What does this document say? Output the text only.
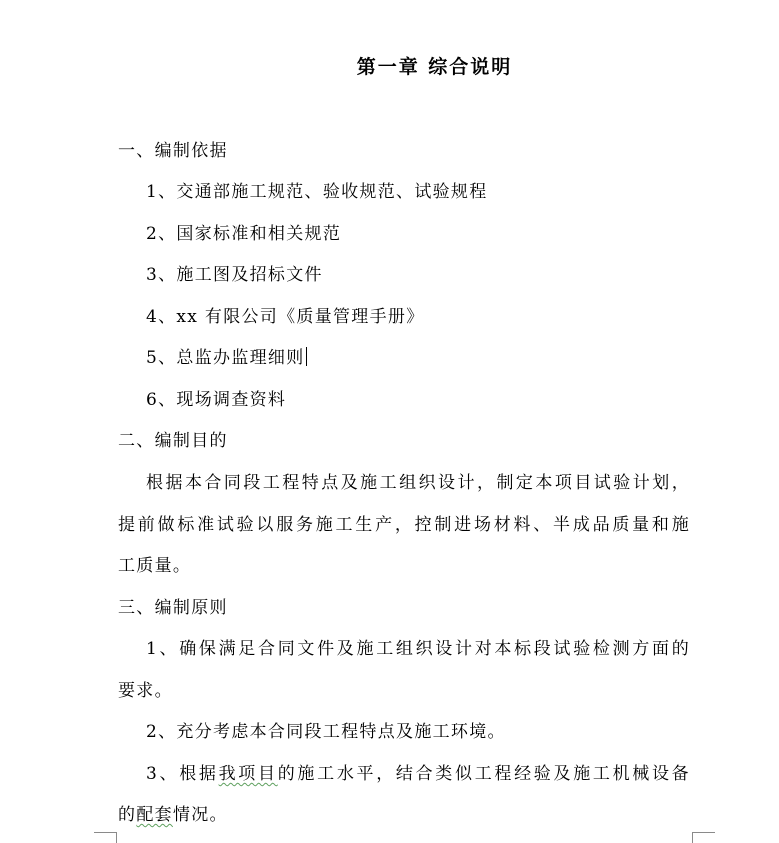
第一章 综合说明
一、编制依据
1、交通部施工规范、验收规范、试验规程
2、国家标准和相关规范
3、施工图及招标文件
4、xx 有限公司《质量管理手册》
5、总监办监理细则
6、现场调查资料
二、编制目的
根据本合同段工程特点及施工组织设计，制定本项目试验计划，
提前做标准试验以服务施工生产，控制进场材料、半成品质量和施
工质量。
三、编制原则
1、确保满足合同文件及施工组织设计对本标段试验检测方面的
要求。
2、充分考虑本合同段工程特点及施工环境。
3、根据我项目的施工水平，结合类似工程经验及施工机械设备
的配套情况。
